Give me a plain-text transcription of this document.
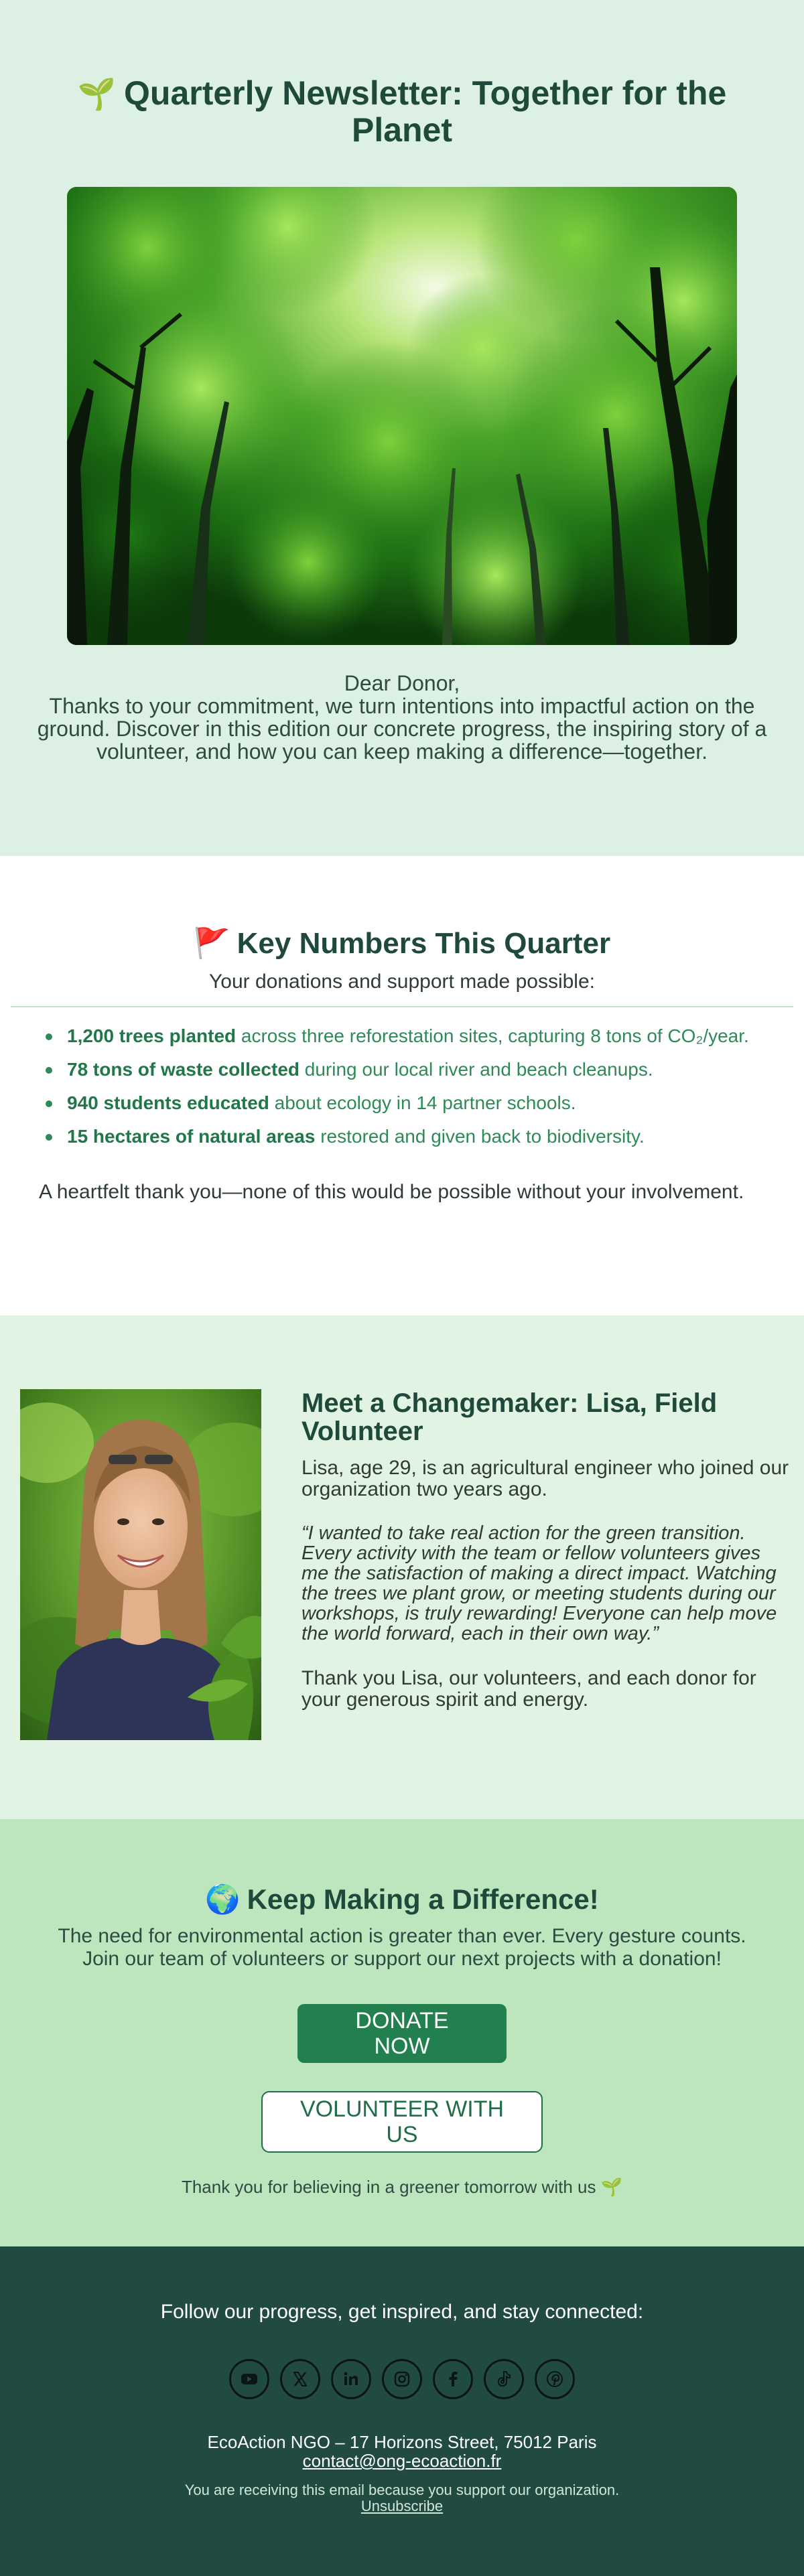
🌱 Quarterly Newsletter: Together for the Planet

Dear Donor,
Thanks to your commitment, we turn intentions into impactful action on the ground. Discover in this edition our concrete progress, the inspiring story of a volunteer, and how you can keep making a difference—together.

🚩 Key Numbers This Quarter

Your donations and support made possible:

1,200 trees planted across three reforestation sites, capturing 8 tons of CO₂/year.
78 tons of waste collected during our local river and beach cleanups.
940 students educated about ecology in 14 partner schools.
15 hectares of natural areas restored and given back to biodiversity.

A heartfelt thank you—none of this would be possible without your involvement.

Meet a Changemaker: Lisa, Field Volunteer

Lisa, age 29, is an agricultural engineer who joined our organization two years ago.

“I wanted to take real action for the green transition. Every activity with the team or fellow volunteers gives me the satisfaction of making a direct impact. Watching the trees we plant grow, or meeting students during our workshops, is truly rewarding! Everyone can help move the world forward, each in their own way.”

Thank you Lisa, our volunteers, and each donor for your generous spirit and energy.

🌍 Keep Making a Difference!

The need for environmental action is greater than ever. Every gesture counts. Join our team of volunteers or support our next projects with a donation!

DONATE NOW
VOLUNTEER WITH US

Thank you for believing in a greener tomorrow with us 🌱

Follow our progress, get inspired, and stay connected:

EcoAction NGO – 17 Horizons Street, 75012 Paris

contact@ong-ecoaction.fr

You are receiving this email because you support our organization.

Unsubscribe
